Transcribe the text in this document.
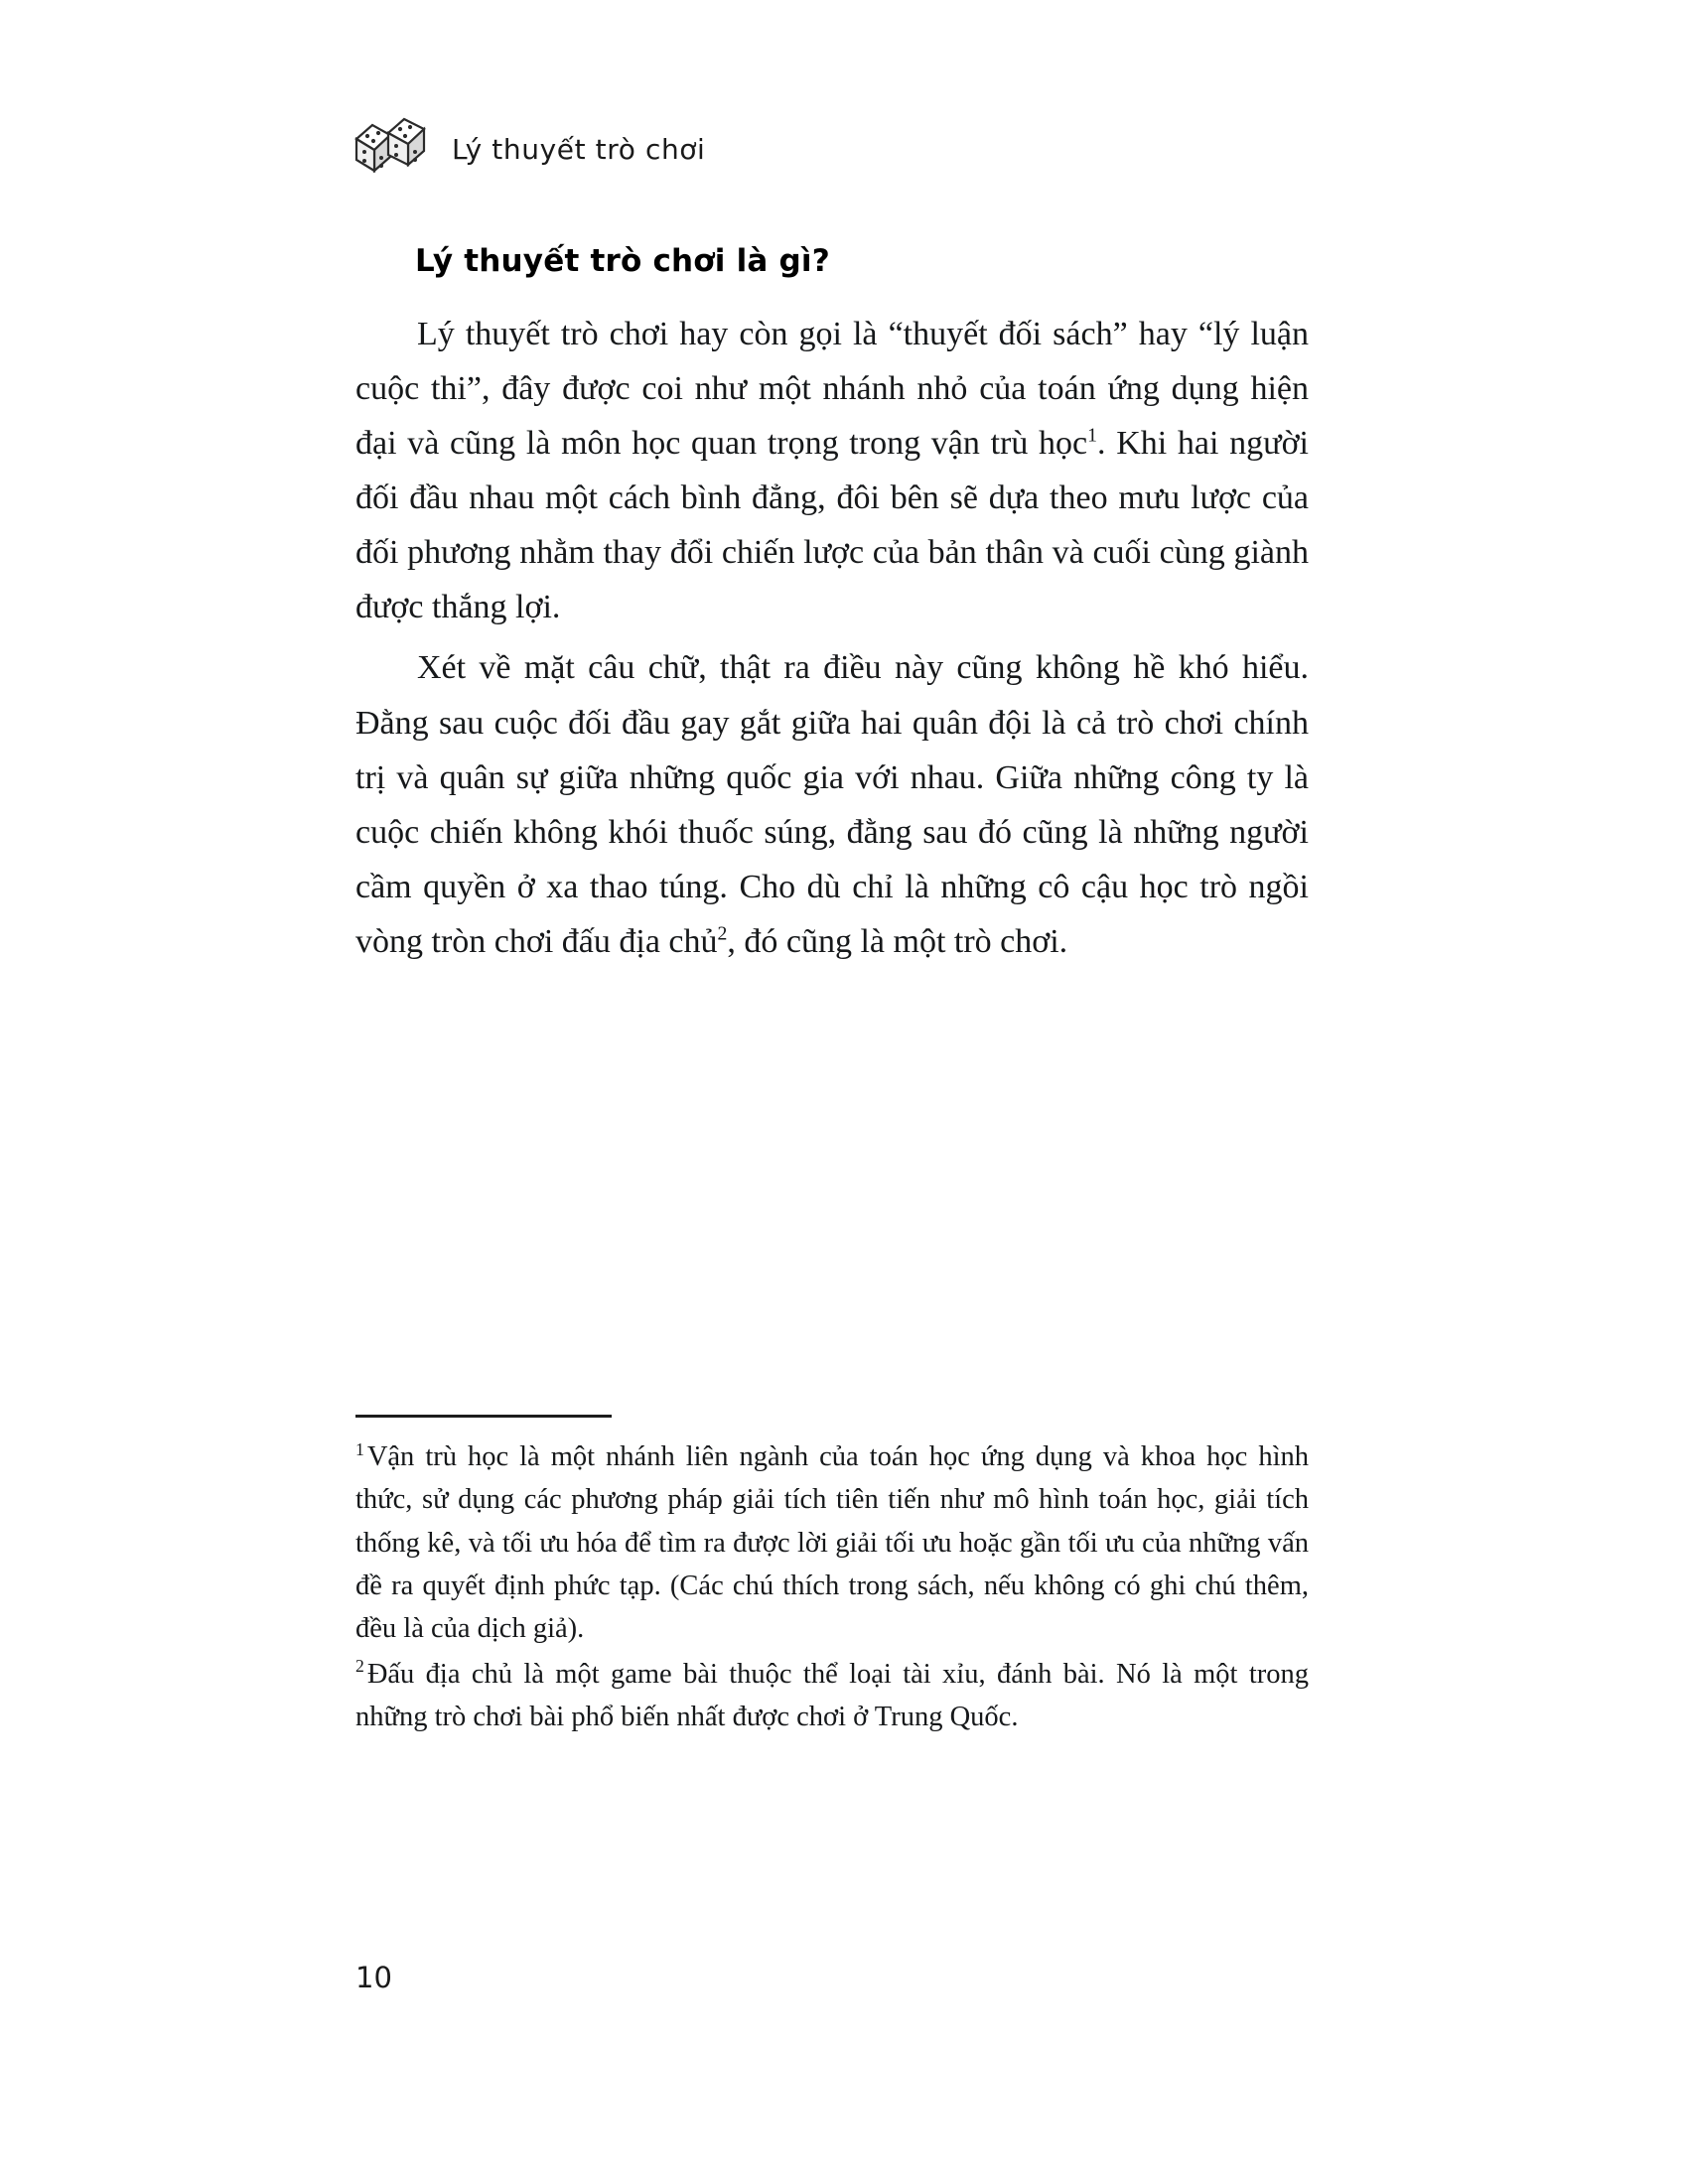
Lý thuyết trò chơi
Lý thuyết trò chơi là gì?

Lý thuyết trò chơi hay còn gọi là “thuyết đối sách” hay “lý luận cuộc thi”, đây được coi như một nhánh nhỏ của toán ứng dụng hiện đại và cũng là môn học quan trọng trong vận trù học$^1$. Khi hai người đối đầu nhau một cách bình đẳng, đôi bên sẽ dựa theo mưu lược của đối phương nhằm thay đổi chiến lược của bản thân và cuối cùng giành được thắng lợi.

Xét về mặt câu chữ, thật ra điều này cũng không hề khó hiểu. Đằng sau cuộc đối đầu gay gắt giữa hai quân đội là cả trò chơi chính trị và quân sự giữa những quốc gia với nhau. Giữa những công ty là cuộc chiến không khói thuốc súng, đằng sau đó cũng là những người cầm quyền ở xa thao túng. Cho dù chỉ là những cô cậu học trò ngồi vòng tròn chơi đấu địa chủ$^2$, đó cũng là một trò chơi.

$^1$ Vận trù học là một nhánh liên ngành của toán học ứng dụng và khoa học hình thức, sử dụng các phương pháp giải tích tiên tiến như mô hình toán học, giải tích thống kê, và tối ưu hóa để tìm ra được lời giải tối ưu hoặc gần tối ưu của những vấn đề ra quyết định phức tạp. (Các chú thích trong sách, nếu không có ghi chú thêm, đều là của dịch giả).

$^2$ Đấu địa chủ là một game bài thuộc thể loại tài xỉu, đánh bài. Nó là một trong những trò chơi bài phổ biến nhất được chơi ở Trung Quốc.

10
